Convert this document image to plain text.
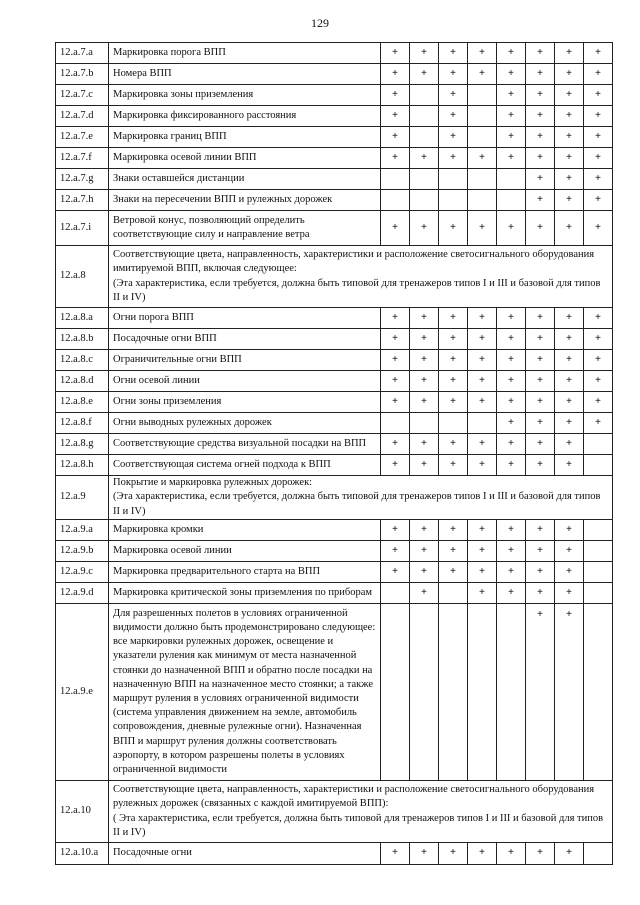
129
12.a.7.a	Маркировка порога ВПП	+	+	+	+	+	+	+	+
12.a.7.b	Номера ВПП	+	+	+	+	+	+	+	+
12.a.7.c	Маркировка зоны приземления	+		+		+	+	+	+
12.a.7.d	Маркировка фиксированного расстояния	+		+		+	+	+	+
12.a.7.e	Маркировка границ ВПП	+		+		+	+	+	+
12.a.7.f	Маркировка осевой линии ВПП	+	+	+	+	+	+	+	+
12.a.7.g	Знаки оставшейся дистанции						+	+	+
12.a.7.h	Знаки на пересечении ВПП и рулежных дорожек						+	+	+
12.a.7.i	Ветровой конус, позволяющий определить соответствующие силу и направление ветра	+	+	+	+	+	+	+	+
12.a.8	Соответствующие цвета, направленность, характеристики и расположение светосигнального оборудования имитируемой ВПП, включая следующее:
(Эта характеристика, если требуется, должна быть типовой для тренажеров типов I и III и базовой для типов II и IV)								
12.a.8.a	Огни порога ВПП	+	+	+	+	+	+	+	+
12.a.8.b	Посадочные огни ВПП	+	+	+	+	+	+	+	+
12.a.8.c	Ограничительные огни ВПП	+	+	+	+	+	+	+	+
12.a.8.d	Огни осевой линии	+	+	+	+	+	+	+	+
12.a.8.e	Огни зоны приземления	+	+	+	+	+	+	+	+
12.a.8.f	Огни выводных рулежных дорожек					+	+	+	+
12.a.8.g	Соответствующие средства визуальной посадки на ВПП	+	+	+	+	+	+	+	
12.a.8.h	Соответствующая система огней подхода к ВПП	+	+	+	+	+	+	+	
12.a.9	Покрытие и маркировка рулежных дорожек:
(Эта характеристика, если требуется, должна быть типовой для тренажеров типов I и III и базовой для типов II и IV)								
12.a.9.a	Маркировка кромки	+	+	+	+	+	+	+	
12.a.9.b	Маркировка осевой линии	+	+	+	+	+	+	+	
12.a.9.c	Маркировка предварительного старта на ВПП	+	+	+	+	+	+	+	
12.a.9.d	Маркировка критической зоны приземления по приборам		+		+	+	+	+	
12.a.9.e	Для разрешенных полетов в условиях ограниченной видимости должно быть продемонстрировано следующее: все маркировки рулежных дорожек, освещение и указатели руления как минимум от места назначенной стоянки до назначенной ВПП и обратно после посадки на назначенную ВПП на назначенное место стоянки; а также маршрут руления в условиях ограниченной видимости (система управления движением на земле, автомобиль сопровождения, дневные рулежные огни). Назначенная ВПП и маршрут руления должны соответствовать аэропорту, в котором разрешены полеты в условиях ограниченной видимости						+	+	
12.a.10	Соответствующие цвета, направленность, характеристики и расположение светосигнального оборудования рулежных дорожек (связанных с каждой имитируемой ВПП):
( Эта характеристика, если требуется, должна быть типовой для тренажеров типов I и III и базовой для типов II и IV)								
12.a.10.a	Посадочные огни	+	+	+	+	+	+	+	
